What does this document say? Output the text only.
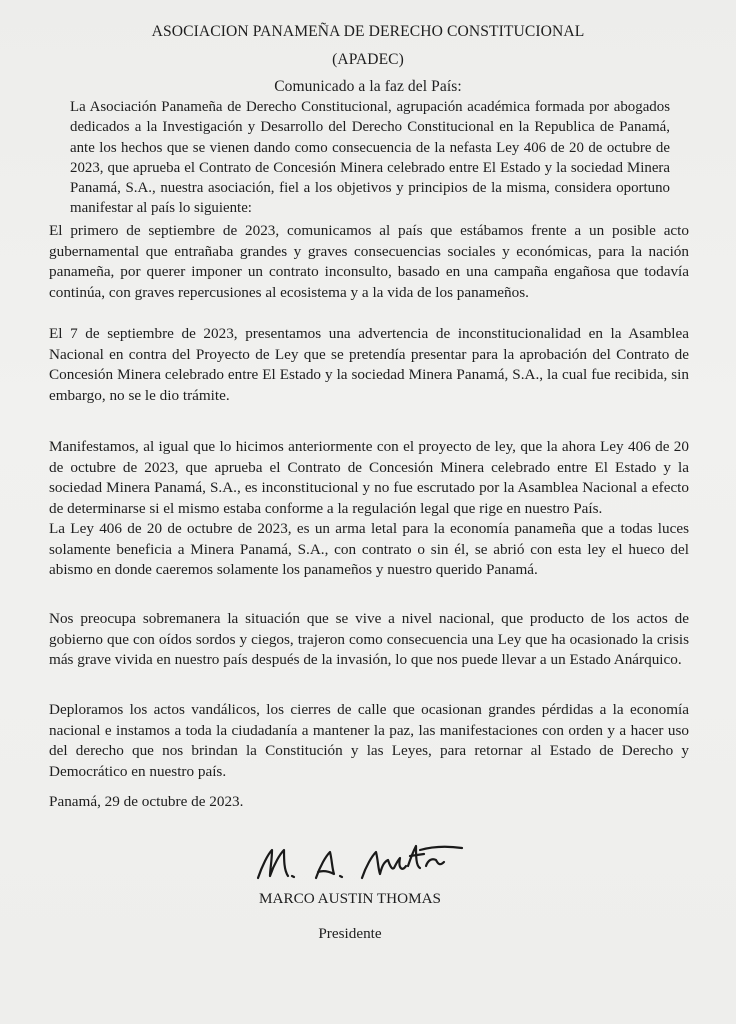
ASOCIACION PANAMEÑA DE DERECHO CONSTITUCIONAL
(APADEC)
Comunicado a la faz del País:

La Asociación Panameña de Derecho Constitucional, agrupación académica formada por abogados dedicados a la Investigación y Desarrollo del Derecho Constitucional en la Republica de Panamá, ante los hechos que se vienen dando como consecuencia de la nefasta Ley 406 de 20 de octubre de 2023, que aprueba el Contrato de Concesión Minera celebrado entre El Estado y la sociedad Minera Panamá, S.A., nuestra asociación, fiel a los objetivos y principios de la misma, considera oportuno manifestar al país lo siguiente:

El primero de septiembre de 2023, comunicamos al país que estábamos frente a un posible acto gubernamental que entrañaba grandes y graves consecuencias sociales y económicas, para la nación panameña, por querer imponer un contrato inconsulto, basado en una campaña engañosa que todavía continúa, con graves repercusiones al ecosistema y a la vida de los panameños.

El 7 de septiembre de 2023, presentamos una advertencia de inconstitucionalidad en la Asamblea Nacional en contra del Proyecto de Ley que se pretendía presentar para la aprobación del Contrato de Concesión Minera celebrado entre El Estado y la sociedad Minera Panamá, S.A., la cual fue recibida, sin embargo, no se le dio trámite.

Manifestamos, al igual que lo hicimos anteriormente con el proyecto de ley, que la ahora Ley 406 de 20 de octubre de 2023, que aprueba el Contrato de Concesión Minera celebrado entre El Estado y la sociedad Minera Panamá, S.A., es inconstitucional y no fue escrutado por la Asamblea Nacional a efecto de determinarse si el mismo estaba conforme a la regulación legal que rige en nuestro País.

La Ley 406 de 20 de octubre de 2023, es un arma letal para la economía panameña que a todas luces solamente beneficia a Minera Panamá, S.A., con contrato o sin él, se abrió con esta ley el hueco del abismo en donde caeremos solamente los panameños y nuestro querido Panamá.

Nos preocupa sobremanera la situación que se vive a nivel nacional, que producto de los actos de gobierno que con oídos sordos y ciegos, trajeron como consecuencia una Ley que ha ocasionado la crisis más grave vivida en nuestro país después de la invasión, lo que nos puede llevar a un Estado Anárquico.

Deploramos los actos vandálicos, los cierres de calle que ocasionan grandes pérdidas a la economía nacional e instamos a toda la ciudadanía a mantener la paz, las manifestaciones con orden y a hacer uso del derecho que nos brindan la Constitución y las Leyes, para retornar al Estado de Derecho y Democrático en nuestro país.

Panamá, 29 de octubre de 2023.
MARCO AUSTIN THOMAS
Presidente
